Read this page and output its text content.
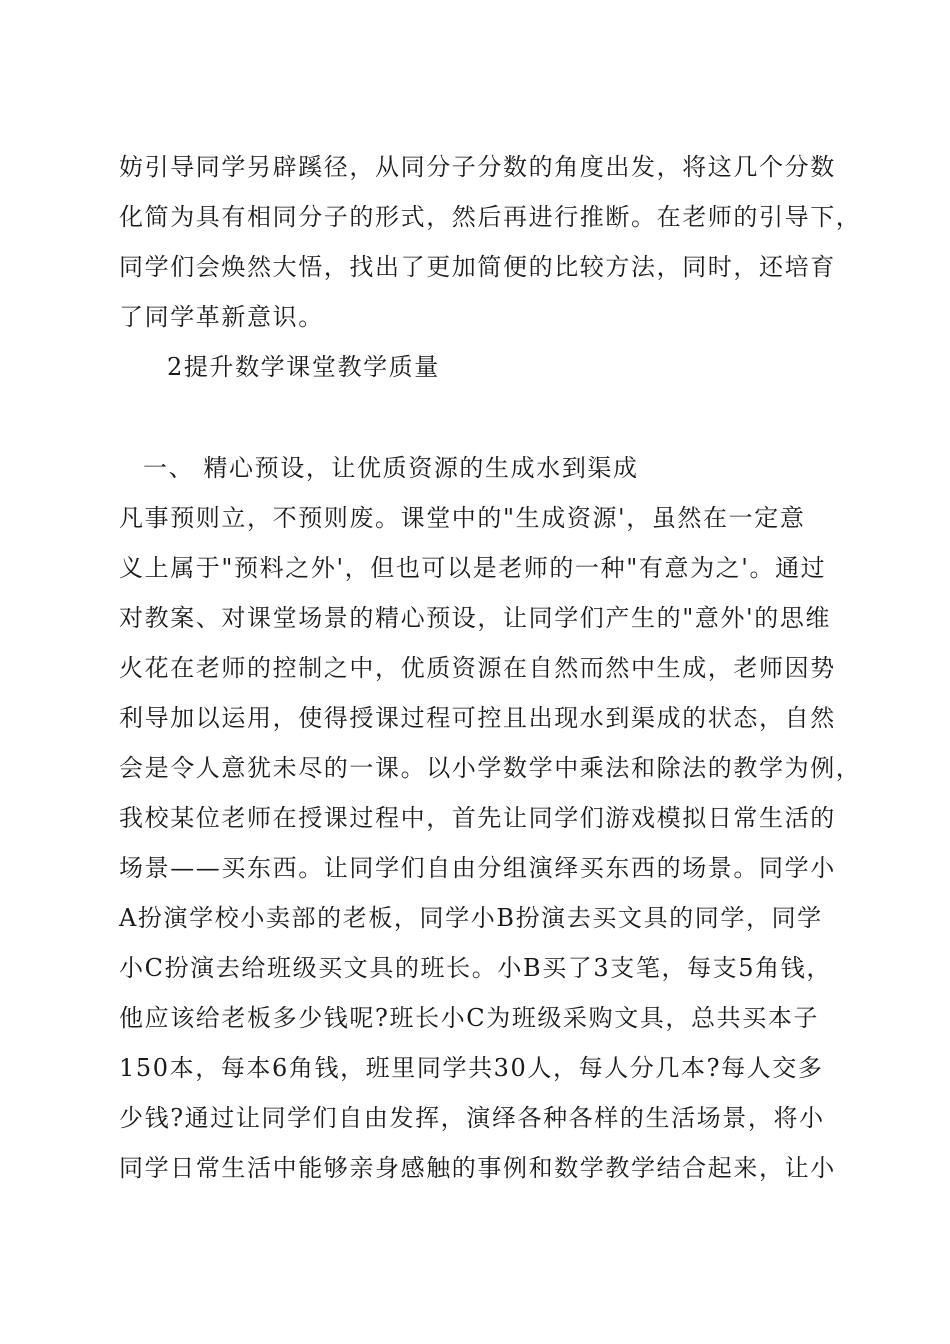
妨引导同学另辟蹊径，从同分子分数的角度出发，将这几个分数
化简为具有相同分子的形式，然后再进行推断。在老师的引导下，
同学们会焕然大悟，找出了更加简便的比较方法，同时，还培育
了同学革新意识。
2提升数学课堂教学质量
一、 精心预设，让优质资源的生成水到渠成
凡事预则立，不预则废。课堂中的"生成资源'，虽然在一定意
义上属于"预料之外'，但也可以是老师的一种"有意为之'。通过
对教案、对课堂场景的精心预设，让同学们产生的"意外'的思维
火花在老师的控制之中，优质资源在自然而然中生成，老师因势
利导加以运用，使得授课过程可控且出现水到渠成的状态，自然
会是令人意犹未尽的一课。以小学数学中乘法和除法的教学为例，
我校某位老师在授课过程中，首先让同学们游戏模拟日常生活的
场景——买东西。让同学们自由分组演绎买东西的场景。同学小
A扮演学校小卖部的老板，同学小B扮演去买文具的同学，同学
小C扮演去给班级买文具的班长。小B买了3支笔，每支5角钱，
他应该给老板多少钱呢?班长小C为班级采购文具，总共买本子
150本，每本6角钱，班里同学共30人，每人分几本?每人交多
少钱?通过让同学们自由发挥，演绎各种各样的生活场景，将小
同学日常生活中能够亲身感触的事例和数学教学结合起来，让小
